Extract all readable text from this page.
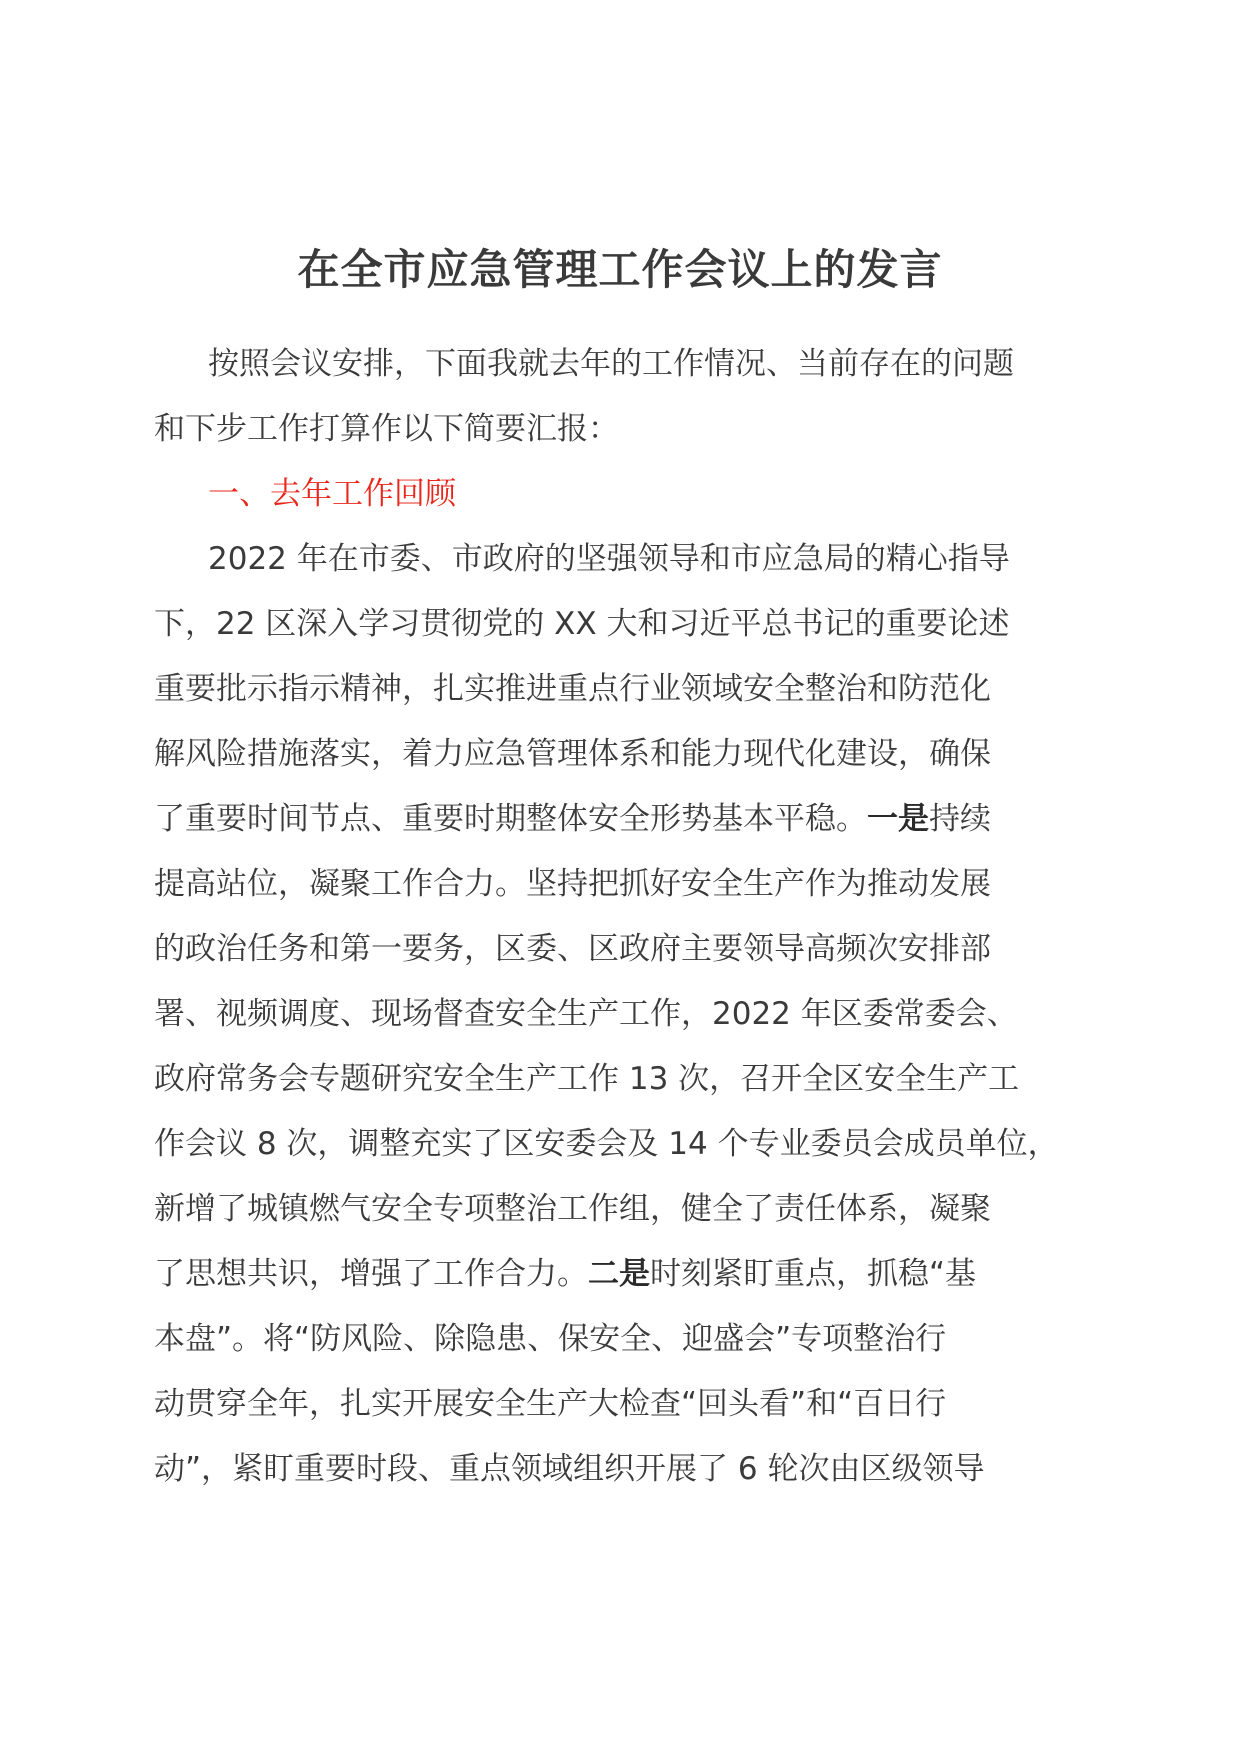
在全市应急管理工作会议上的发言

按照会议安排，下面我就去年的工作情况、当前存在的问题
和下步工作打算作以下简要汇报：

一、去年工作回顾

2022 年在市委、市政府的坚强领导和市应急局的精心指导
下，22 区深入学习贯彻党的 XX 大和习近平总书记的重要论述
重要批示指示精神，扎实推进重点行业领域安全整治和防范化
解风险措施落实，着力应急管理体系和能力现代化建设，确保
了重要时间节点、重要时期整体安全形势基本平稳。一是持续
提高站位，凝聚工作合力。坚持把抓好安全生产作为推动发展
的政治任务和第一要务，区委、区政府主要领导高频次安排部
署、视频调度、现场督查安全生产工作，2022 年区委常委会、
政府常务会专题研究安全生产工作 13 次，召开全区安全生产工
作会议 8 次，调整充实了区安委会及 14 个专业委员会成员单位，
新增了城镇燃气安全专项整治工作组，健全了责任体系，凝聚
了思想共识，增强了工作合力。二是时刻紧盯重点，抓稳“基
本盘”。将“防风险、除隐患、保安全、迎盛会”专项整治行
动贯穿全年，扎实开展安全生产大检查“回头看”和“百日行
动”，紧盯重要时段、重点领域组织开展了 6 轮次由区级领导
